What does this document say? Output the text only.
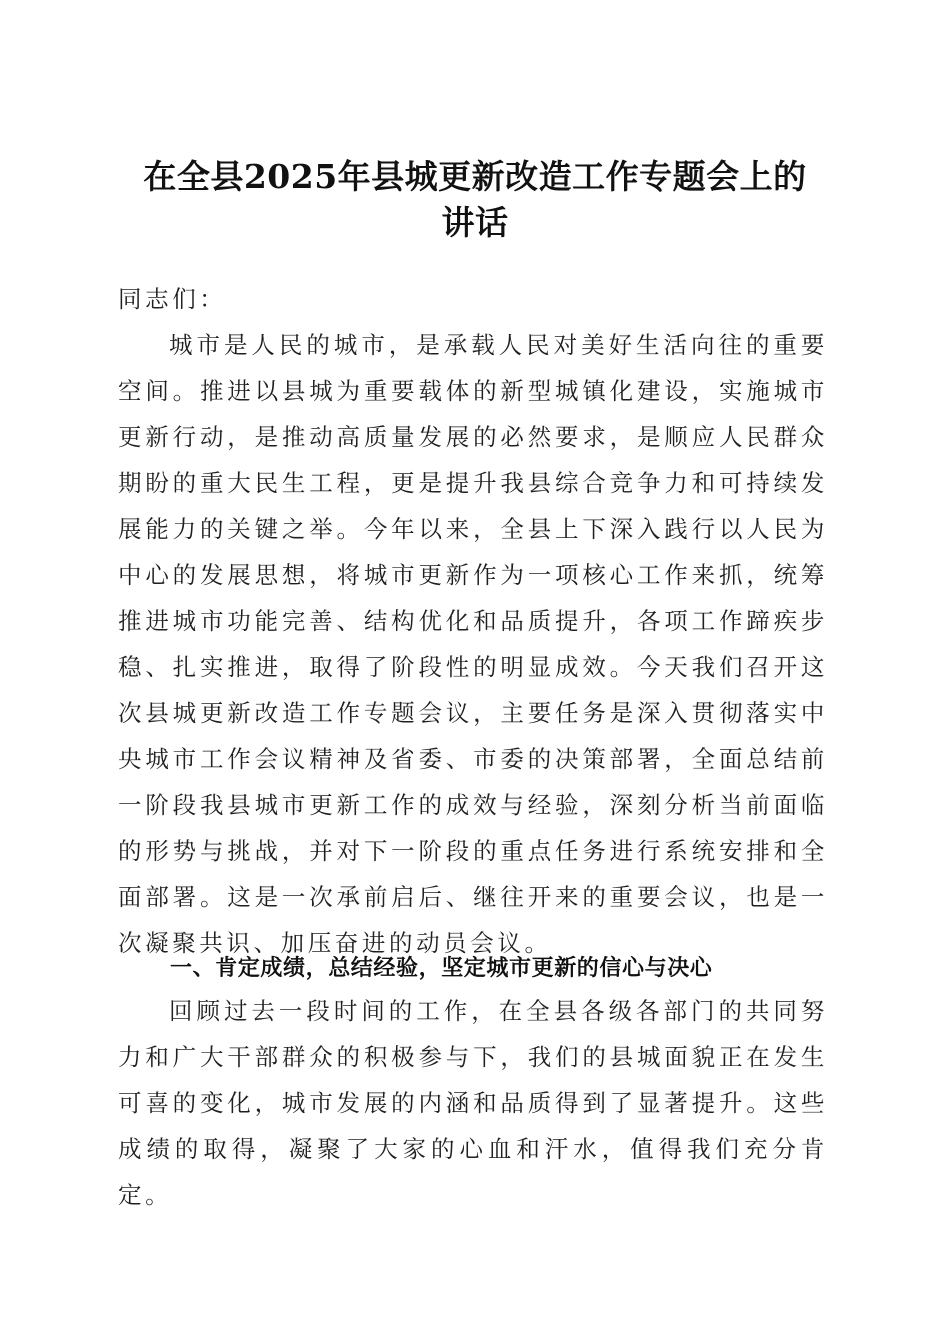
在全县2025年县城更新改造工作专题会上的
讲话

同志们：

城市是人民的城市，是承载人民对美好生活向往的重要空间。推进以县城为重要载体的新型城镇化建设，实施城市更新行动，是推动高质量发展的必然要求，是顺应人民群众期盼的重大民生工程，更是提升我县综合竞争力和可持续发展能力的关键之举。今年以来，全县上下深入践行以人民为中心的发展思想，将城市更新作为一项核心工作来抓，统筹推进城市功能完善、结构优化和品质提升，各项工作蹄疾步稳、扎实推进，取得了阶段性的明显成效。今天我们召开这次县城更新改造工作专题会议，主要任务是深入贯彻落实中央城市工作会议精神及省委、市委的决策部署，全面总结前一阶段我县城市更新工作的成效与经验，深刻分析当前面临的形势与挑战，并对下一阶段的重点任务进行系统安排和全面部署。这是一次承前启后、继往开来的重要会议，也是一次凝聚共识、加压奋进的动员会议。

一、肯定成绩，总结经验，坚定城市更新的信心与决心

回顾过去一段时间的工作，在全县各级各部门的共同努力和广大干部群众的积极参与下，我们的县城面貌正在发生可喜的变化，城市发展的内涵和品质得到了显著提升。这些成绩的取得，凝聚了大家的心血和汗水，值得我们充分肯定。
